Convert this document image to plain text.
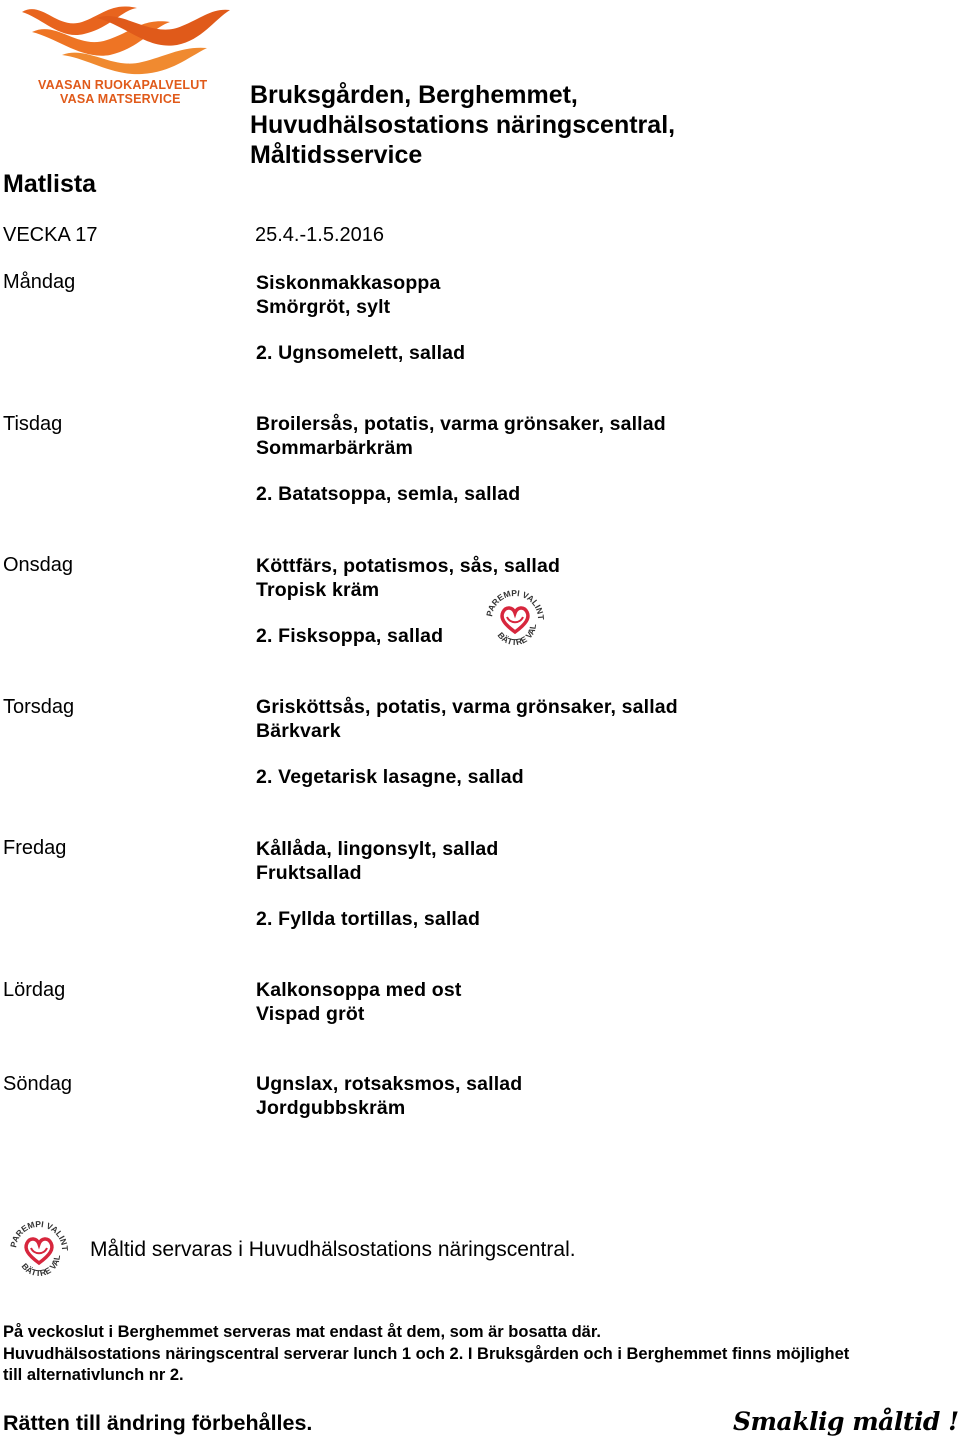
VAASAN RUOKAPALVELUT
VASA MATSERVICE	Bruksgården, Berghemmet,
Huvudhälsostations näringscentral,
Måltidsservice
Matlista
VECKA 17	25.4.-1.5.2016
Måndag	Siskonmakkasoppa
Smörgröt, sylt
2. Ugnsomelett, sallad
Tisdag	Broilersås, potatis, varma grönsaker, sallad
Sommarbärkräm
2. Batatsoppa, semla, sallad
Onsdag	Köttfärs, potatismos, sås, sallad
Tropisk kräm
2. Fisksoppa, sallad
PAREMPI VALINT
BÄTTRE VAL
Torsdag	Grisköttsås, potatis, varma grönsaker, sallad
Bärkvark
2. Vegetarisk lasagne, sallad
Fredag	Kållåda, lingonsylt, sallad
Fruktsallad
2. Fyllda tortillas, sallad
Lördag	Kalkonsoppa med ost
Vispad gröt
Söndag	Ugnslax, rotsaksmos, sallad
Jordgubbskräm
PAREMPI VALINT
BÄTTRE VAL Måltid servaras i Huvudhälsostations näringscentral.
På veckoslut i Berghemmet serveras mat endast åt dem, som är bosatta där.
Huvudhälsostations näringscentral serverar lunch 1 och 2. I Bruksgården och i Berghemmet finns möjlighet
till alternativlunch nr 2.
Rätten till ändring förbehålles.	Smaklig måltid !
